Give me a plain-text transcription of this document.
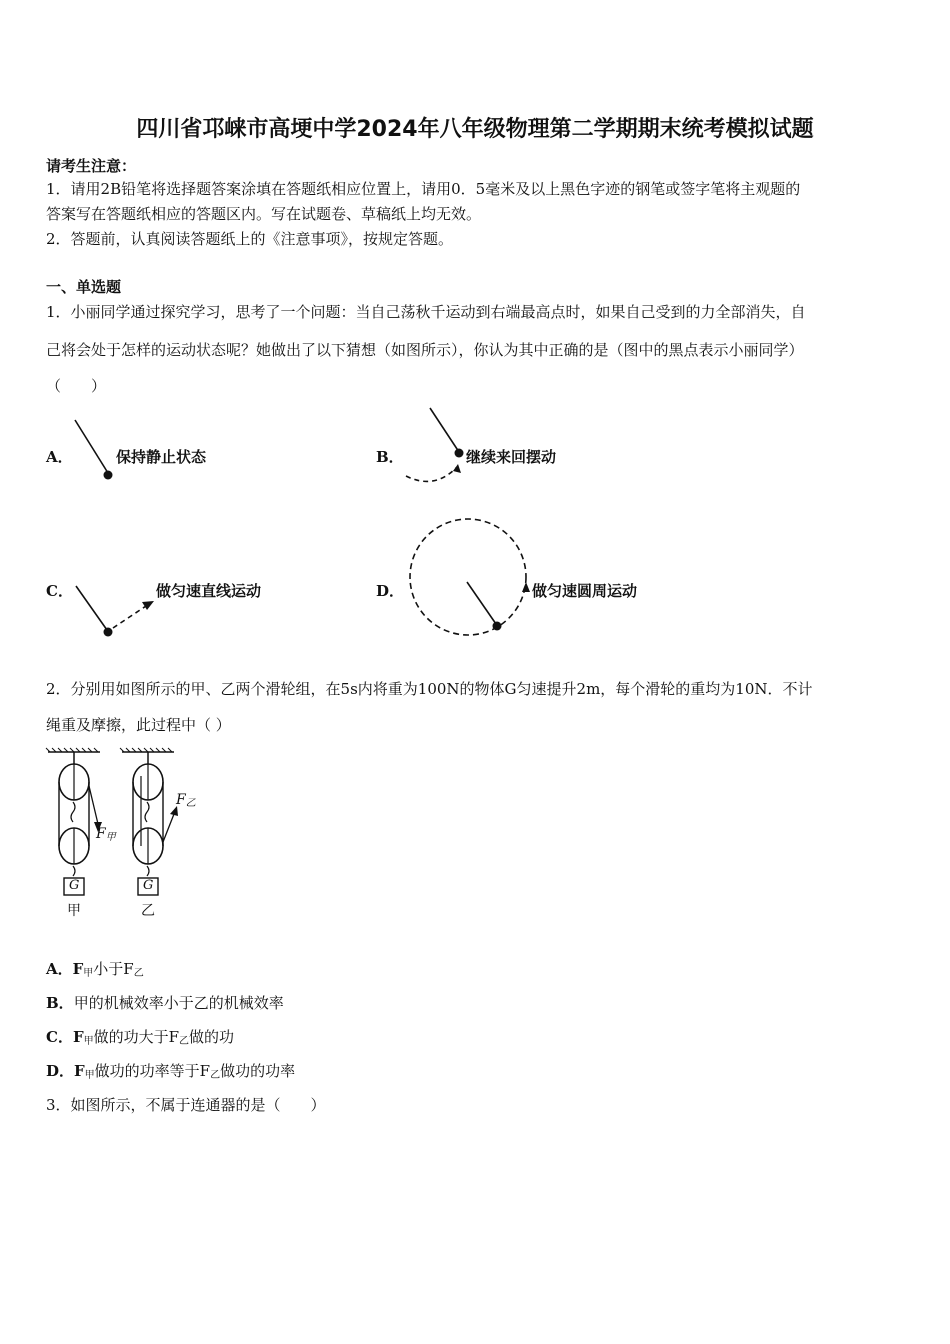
四川省邛崃市高埂中学2024年八年级物理第二学期期末统考模拟试题
请考生注意：
1．请用2B铅笔将选择题答案涂填在答题纸相应位置上，请用0．5毫米及以上黑色字迹的钢笔或签字笔将主观题的
答案写在答题纸相应的答题区内。写在试题卷、草稿纸上均无效。
2．答题前，认真阅读答题纸上的《注意事项》，按规定答题。
一、单选题
1．小丽同学通过探究学习，思考了一个问题：当自己荡秋千运动到右端最高点时，如果自己受到的力全部消失，自
己将会处于怎样的运动状态呢？她做出了以下猜想（如图所示），你认为其中正确的是（图中的黑点表示小丽同学）
（　　）
A．	保持静止状态	B．	继续来回摆动
C．	做匀速直线运动	D．	做匀速圆周运动
2．分别用如图所示的甲、乙两个滑轮组，在5s内将重为100N的物体G匀速提升2m，每个滑轮的重均为10N．不计
绳重及摩擦，此过程中（ ）
G	G
$F_甲$
$F_乙$
甲	乙
A．$F_甲$小于$F_乙$
B．甲的机械效率小于乙的机械效率
C．$F_甲$做的功大于$F_乙$做的功
D．$F_甲$做功的功率等于$F_乙$做功的功率
3．如图所示，不属于连通器的是（　　）
